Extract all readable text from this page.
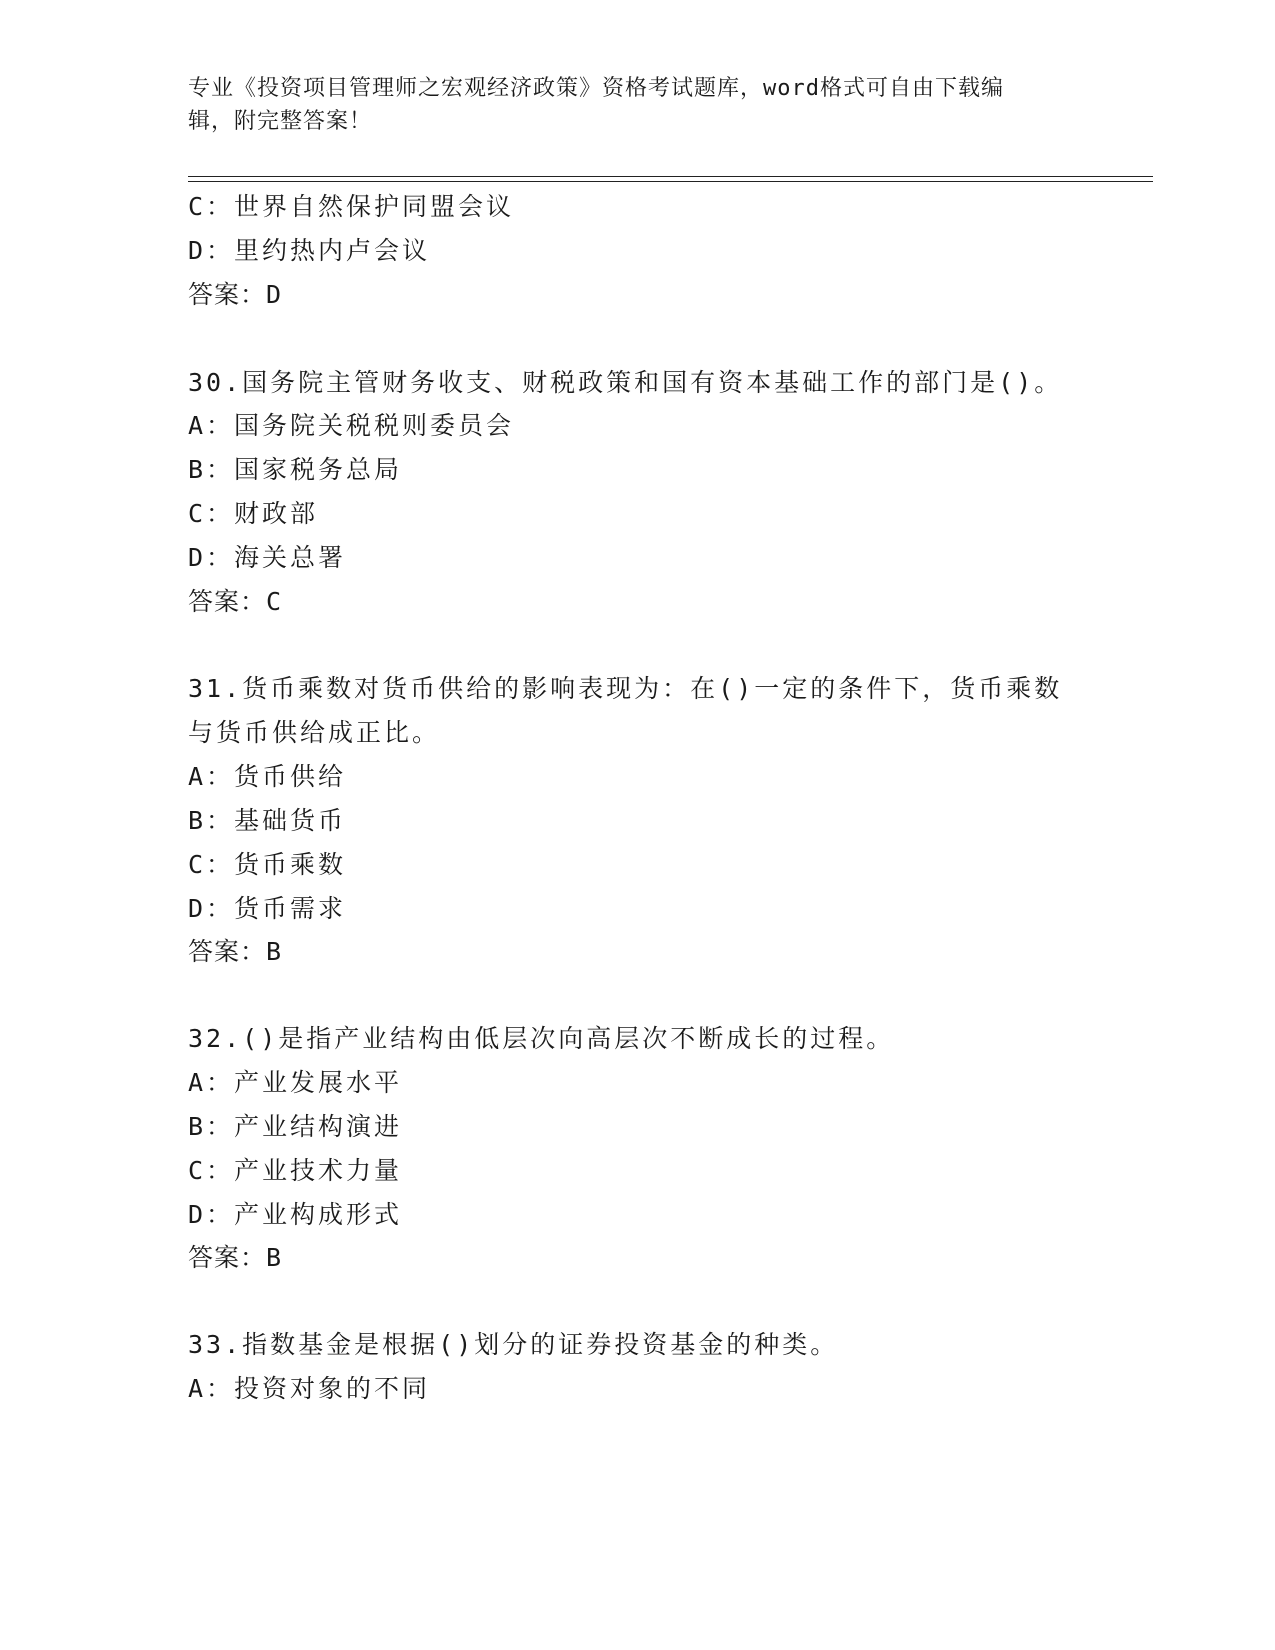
专业《投资项目管理师之宏观经济政策》资格考试题库，word格式可自由下载编
辑，附完整答案！
C：世界自然保护同盟会议
D：里约热内卢会议
答案：D
30.国务院主管财务收支、财税政策和国有资本基础工作的部门是()。
A：国务院关税税则委员会
B：国家税务总局
C：财政部
D：海关总署
答案：C
31.货币乘数对货币供给的影响表现为：在()一定的条件下，货币乘数
与货币供给成正比。
A：货币供给
B：基础货币
C：货币乘数
D：货币需求
答案：B
32.()是指产业结构由低层次向高层次不断成长的过程。
A：产业发展水平
B：产业结构演进
C：产业技术力量
D：产业构成形式
答案：B
33.指数基金是根据()划分的证券投资基金的种类。
A：投资对象的不同
